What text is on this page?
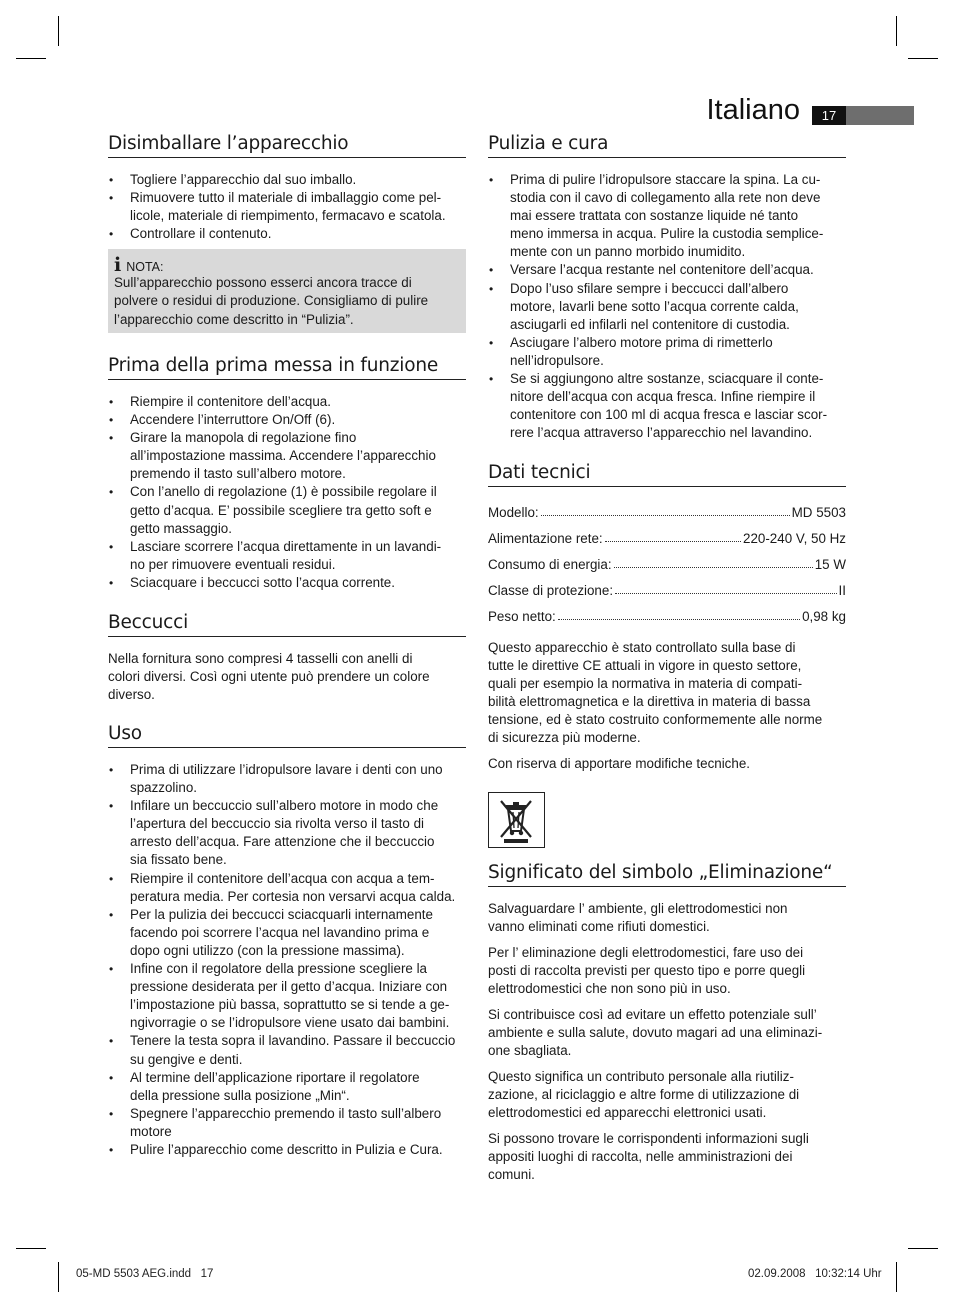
Italiano	17
Disimballare l’apparecchio
• Togliere l’apparecchio dal suo imballo.
• Rimuovere tutto il materiale di imballaggio come pel-
licole, materiale di riempimento, fermacavo e scatola.
• Controllare il contenuto.
i NOTA:

Sull’apparecchio possono esserci ancora tracce di
polvere o residui di produzione. Consigliamo di pulire
l’apparecchio come descritto in “Pulizia”.

Prima della prima messa in funzione
• Riempire il contenitore dell’acqua.
• Accendere l’interruttore On/Off (6).
• Girare la manopola di regolazione fino
all’impostazione massima. Accendere l’apparecchio
premendo il tasto sull’albero motore.
• Con l’anello di regolazione (1) è possibile regolare il
getto d’acqua. E’ possibile scegliere tra getto soft e
getto massaggio.
• Lasciare scorrere l’acqua direttamente in un lavandi-
no per rimuovere eventuali residui.
• Sciacquare i beccucci sotto l’acqua corrente.
Beccucci

Nella fornitura sono compresi 4 tasselli con anelli di
colori diversi. Così ogni utente può prendere un colore
diverso.

Uso
• Prima di utilizzare l’idropulsore lavare i denti con uno
spazzolino.
• Infilare un beccuccio sull’albero motore in modo che
l’apertura del beccuccio sia rivolta verso il tasto di
arresto dell’acqua. Fare attenzione che il beccuccio
sia fissato bene.
• Riempire il contenitore dell’acqua con acqua a tem-
peratura media. Per cortesia non versarvi acqua calda.
• Per la pulizia dei beccucci sciacquarli internamente
facendo poi scorrere l’acqua nel lavandino prima e
dopo ogni utilizzo (con la pressione massima).
• Infine con il regolatore della pressione scegliere la
pressione desiderata per il getto d’acqua. Iniziare con
l’impostazione più bassa, soprattutto se si tende a ge-
ngivorragie o se l’idropulsore viene usato dai bambini.
• Tenere la testa sopra il lavandino. Passare il beccuccio
su gengive e denti.
• Al termine dell’applicazione riportare il regolatore
della pressione sulla posizione „Min“.
• Spegnere l’apparecchio premendo il tasto sull’albero
motore
• Pulire l’apparecchio come descritto in Pulizia e Cura.
Pulizia e cura
• Prima di pulire l’idropulsore staccare la spina. La cu-
stodia con il cavo di collegamento alla rete non deve
mai essere trattata con sostanze liquide né tanto
meno immersa in acqua. Pulire la custodia semplice-
mente con un panno morbido inumidito.
• Versare l’acqua restante nel contenitore dell’acqua.
• Dopo l’uso sfilare sempre i beccucci dall’albero
motore, lavarli bene sotto l’acqua corrente calda,
asciugarli ed infilarli nel contenitore di custodia.
• Asciugare l’albero motore prima di rimetterlo
nell’idropulsore.
• Se si aggiungono altre sostanze, sciacquare il conte-
nitore dell’acqua con acqua fresca. Infine riempire il
contenitore con 100 ml di acqua fresca e lasciar scor-
rere l’acqua attraverso l’apparecchio nel lavandino.
Dati tecnici
Modello:	MD 5503
Alimentazione rete:	220-240 V, 50 Hz
Consumo di energia:	15 W
Classe di protezione:	II
Peso netto:	0,98 kg

Questo apparecchio è stato controllato sulla base di
tutte le direttive CE attuali in vigore in questo settore,
quali per esempio la normativa in materia di compati-
bilità elettromagnetica e la direttiva in materia di bassa
tensione, ed è stato costruito conformemente alle norme
di sicurezza più moderne.

Con riserva di apportare modifiche tecniche.

Significato del simbolo „Eliminazione“

Salvaguardare l’ ambiente, gli elettrodomestici non
vanno eliminati come rifiuti domestici.

Per l’ eliminazione degli elettrodomestici, fare uso dei
posti di raccolta previsti per questo tipo e porre quegli
elettrodomestici che non sono più in uso.

Si contribuisce così ad evitare un effetto potenziale sull’
ambiente e sulla salute, dovuto magari ad una eliminazi-
one sbagliata.

Questo significa un contributo personale alla riutiliz-
zazione, al riciclaggio e altre forme di utilizzazione di
elettrodomestici ed apparecchi elettronici usati.

Si possono trovare le corrispondenti informazioni sugli
appositi luoghi di raccolta, nelle amministrazioni dei
comuni.

05-MD 5503 AEG.indd   17	02.09.2008   10:32:14 Uhr
